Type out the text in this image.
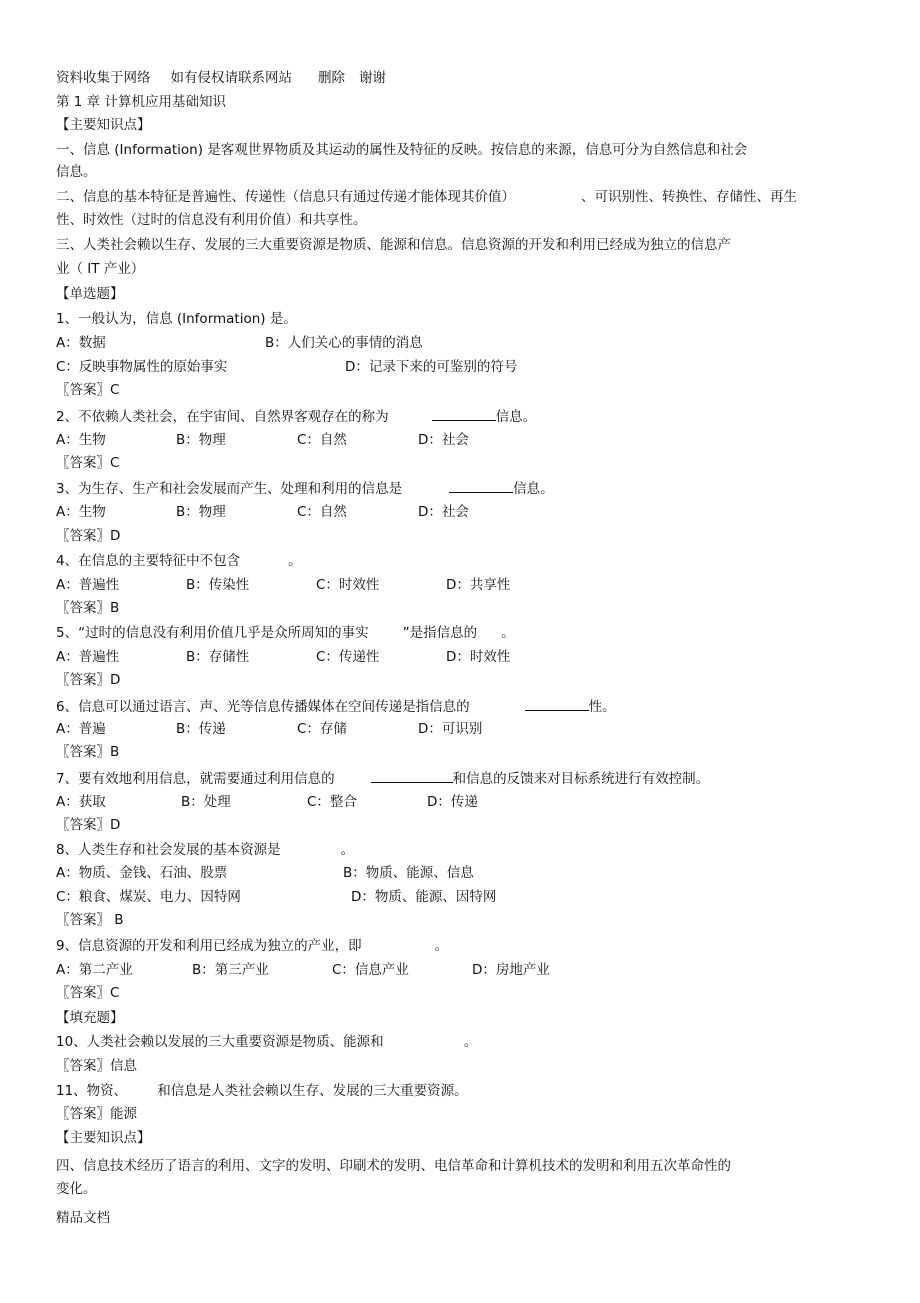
资料收集于网络 如有侵权请联系网站 删除 谢谢
第 1 章 计算机应用基础知识
【主要知识点】
一、信息 (Information) 是客观世界物质及其运动的属性及特征的反映。按信息的来源，信息可分为自然信息和社会
信息。
二、信息的基本特征是普遍性、传递性（信息只有通过传递才能体现其价值）	、可识别性、转换性、存储性、再生
性、时效性（过时的信息没有利用价值）和共享性。
三、人类社会赖以生存、发展的三大重要资源是物质、能源和信息。信息资源的开发和利用已经成为独立的信息产
业（ IT 产业）
【单选题】
1、一般认为，信息 (Information) 是。
A：数据	B：人们关心的事情的消息
C：反映事物属性的原始事实	D：记录下来的可鉴别的符号
〖答案〗C
2、不依赖人类社会，在宇宙间、自然界客观存在的称为	信息。
A：生物	B：物理	C：自然	D：社会
〖答案〗C
3、为生存、生产和社会发展而产生、处理和利用的信息是	信息。
A：生物	B：物理	C：自然	D：社会
〖答案〗D
4、在信息的主要特征中不包含	。
A：普遍性	B：传染性	C：时效性	D：共享性
〖答案〗B
5、“过时的信息没有利用价值几乎是众所周知的事实	”是指信息的 。
A：普遍性	B：存储性	C：传递性	D：时效性
〖答案〗D
6、信息可以通过语言、声、光等信息传播媒体在空间传递是指信息的	性。
A：普遍	B：传递	C：存储	D：可识别
〖答案〗B
7、要有效地利用信息，就需要通过利用信息的	和信息的反馈来对目标系统进行有效控制。
A：获取	B：处理	C：整合	D：传递
〖答案〗D
8、人类生存和社会发展的基本资源是	。
A：物质、金钱、石油、股票	B：物质、能源、信息
C：粮食、煤炭、电力、因特网	D：物质、能源、因特网
〖答案〗 B
9、信息资源的开发和利用已经成为独立的产业，即	。
A：第二产业	B：第三产业	C：信息产业	D：房地产业
〖答案〗C
【填充题】
10、人类社会赖以发展的三大重要资源是物质、能源和	。
〖答案〗信息
11、物资、 和信息是人类社会赖以生存、发展的三大重要资源。
〖答案〗能源
【主要知识点】
四、信息技术经历了语言的利用、文字的发明、印刷术的发明、电信革命和计算机技术的发明和利用五次革命性的
变化。
精品文档
